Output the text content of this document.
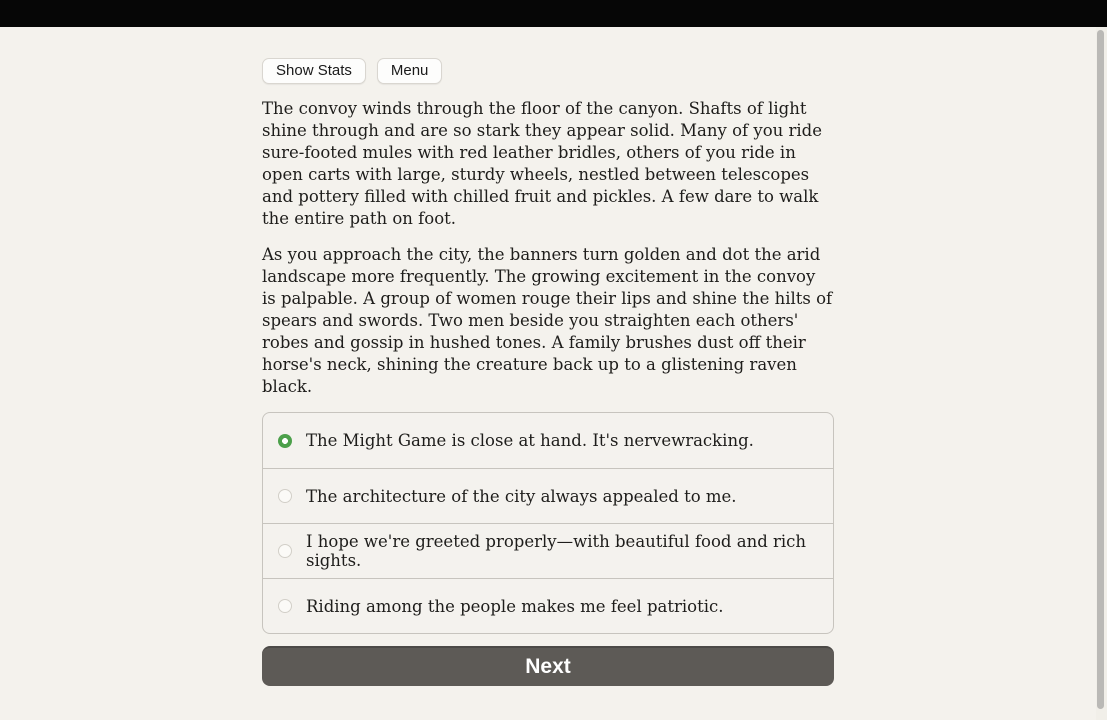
Show Stats	Menu

The convoy winds through the floor of the canyon. Shafts of light shine through and are so stark they appear solid. Many of you ride sure-footed mules with red leather bridles, others of you ride in open carts with large, sturdy wheels, nestled between telescopes and pottery filled with chilled fruit and pickles. A few dare to walk the entire path on foot.

As you approach the city, the banners turn golden and dot the arid landscape more frequently. The growing excitement in the convoy is palpable. A group of women rouge their lips and shine the hilts of spears and swords. Two men beside you straighten each others' robes and gossip in hushed tones. A family brushes dust off their horse's neck, shining the creature back up to a glistening raven black.

The Might Game is close at hand. It's nervewracking.
The architecture of the city always appealed to me.
I hope we're greeted properly—with beautiful food and rich sights.
Riding among the people makes me feel patriotic.
Next
